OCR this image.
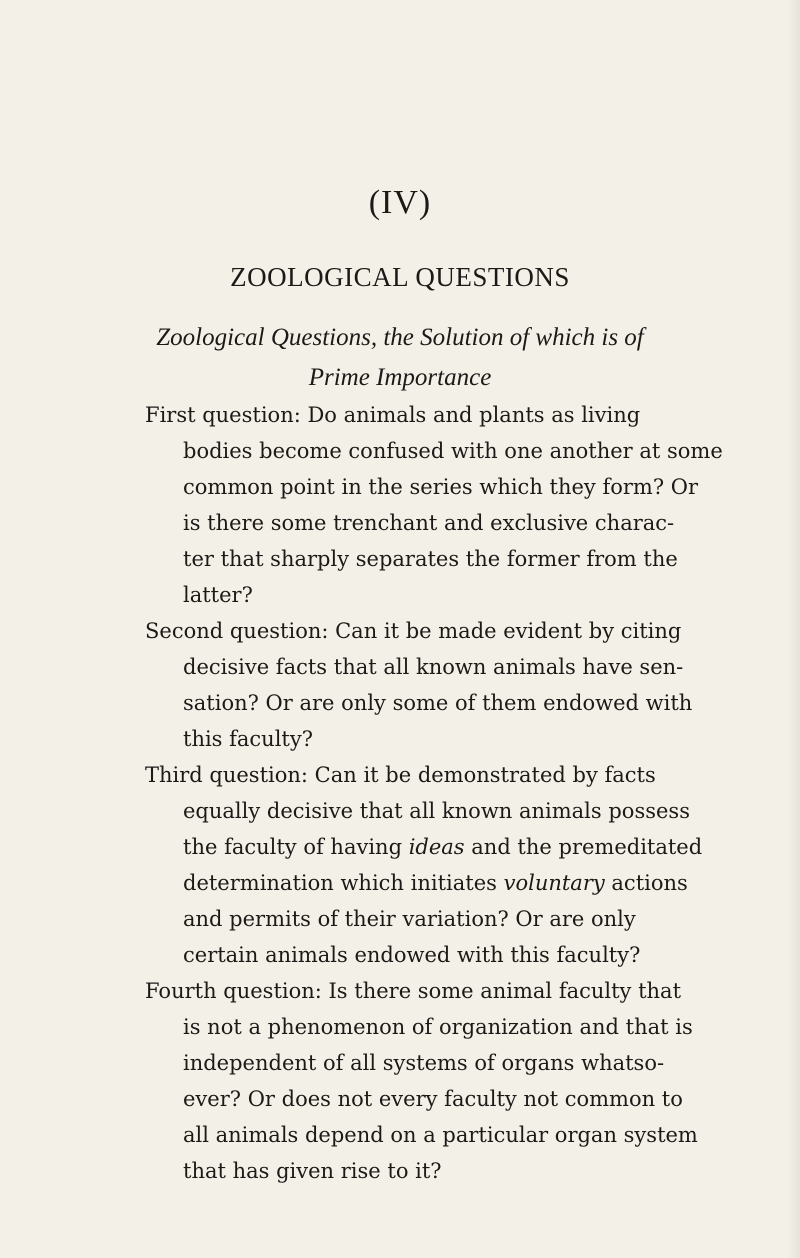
(IV)
ZOOLOGICAL QUESTIONS
Zoological Questions, the Solution of which is of
Prime Importance

First question: Do animals and plants as living
bodies become confused with one another at some
common point in the series which they form? Or
is there some trenchant and exclusive charac-
ter that sharply separates the former from the
latter?

Second question: Can it be made evident by citing
decisive facts that all known animals have sen-
sation? Or are only some of them endowed with
this faculty?

Third question: Can it be demonstrated by facts
equally decisive that all known animals possess
the faculty of having ideas and the premeditated
determination which initiates voluntary actions
and permits of their variation? Or are only
certain animals endowed with this faculty?

Fourth question: Is there some animal faculty that
is not a phenomenon of organization and that is
independent of all systems of organs whatso-
ever? Or does not every faculty not common to
all animals depend on a particular organ system
that has given rise to it?
